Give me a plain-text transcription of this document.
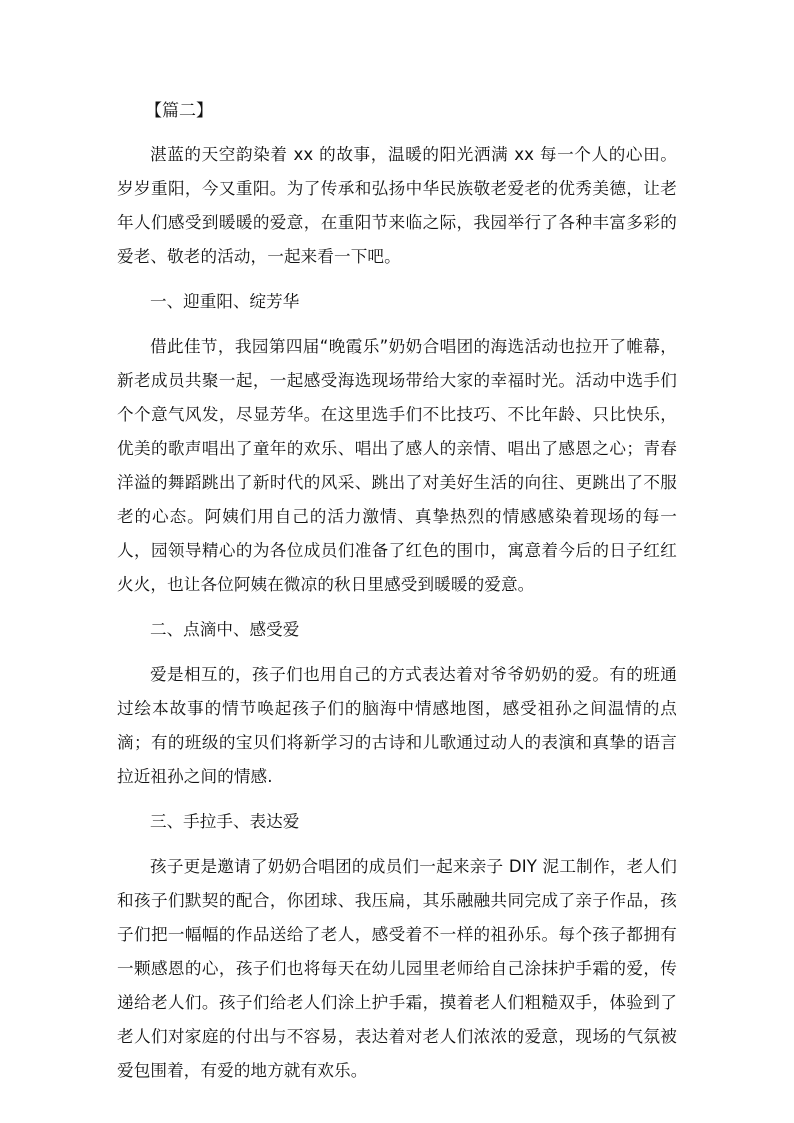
【篇二】

湛蓝的天空韵染着 xx 的故事，温暖的阳光洒满 xx 每一个人的心田。岁岁重阳，今又重阳。为了传承和弘扬中华民族敬老爱老的优秀美德，让老年人们感受到暖暖的爱意，在重阳节来临之际，我园举行了各种丰富多彩的爱老、敬老的活动，一起来看一下吧。

一、迎重阳、绽芳华

借此佳节，我园第四届“晚霞乐”奶奶合唱团的海选活动也拉开了帷幕，新老成员共聚一起，一起感受海选现场带给大家的幸福时光。活动中选手们个个意气风发，尽显芳华。在这里选手们不比技巧、不比年龄、只比快乐，优美的歌声唱出了童年的欢乐、唱出了感人的亲情、唱出了感恩之心；青春洋溢的舞蹈跳出了新时代的风采、跳出了对美好生活的向往、更跳出了不服老的心态。阿姨们用自己的活力激情、真挚热烈的情感感染着现场的每一人，园领导精心的为各位成员们准备了红色的围巾，寓意着今后的日子红红火火，也让各位阿姨在微凉的秋日里感受到暖暖的爱意。

二、点滴中、感受爱

爱是相互的，孩子们也用自己的方式表达着对爷爷奶奶的爱。有的班通过绘本故事的情节唤起孩子们的脑海中情感地图，感受祖孙之间温情的点滴；有的班级的宝贝们将新学习的古诗和儿歌通过动人的表演和真挚的语言拉近祖孙之间的情感.

三、手拉手、表达爱

孩子更是邀请了奶奶合唱团的成员们一起来亲子 DIY 泥工制作，老人们和孩子们默契的配合，你团球、我压扁，其乐融融共同完成了亲子作品，孩子们把一幅幅的作品送给了老人，感受着不一样的祖孙乐。每个孩子都拥有一颗感恩的心，孩子们也将每天在幼儿园里老师给自己涂抹护手霜的爱，传递给老人们。孩子们给老人们涂上护手霜，摸着老人们粗糙双手，体验到了老人们对家庭的付出与不容易，表达着对老人们浓浓的爱意，现场的气氛被爱包围着，有爱的地方就有欢乐。
